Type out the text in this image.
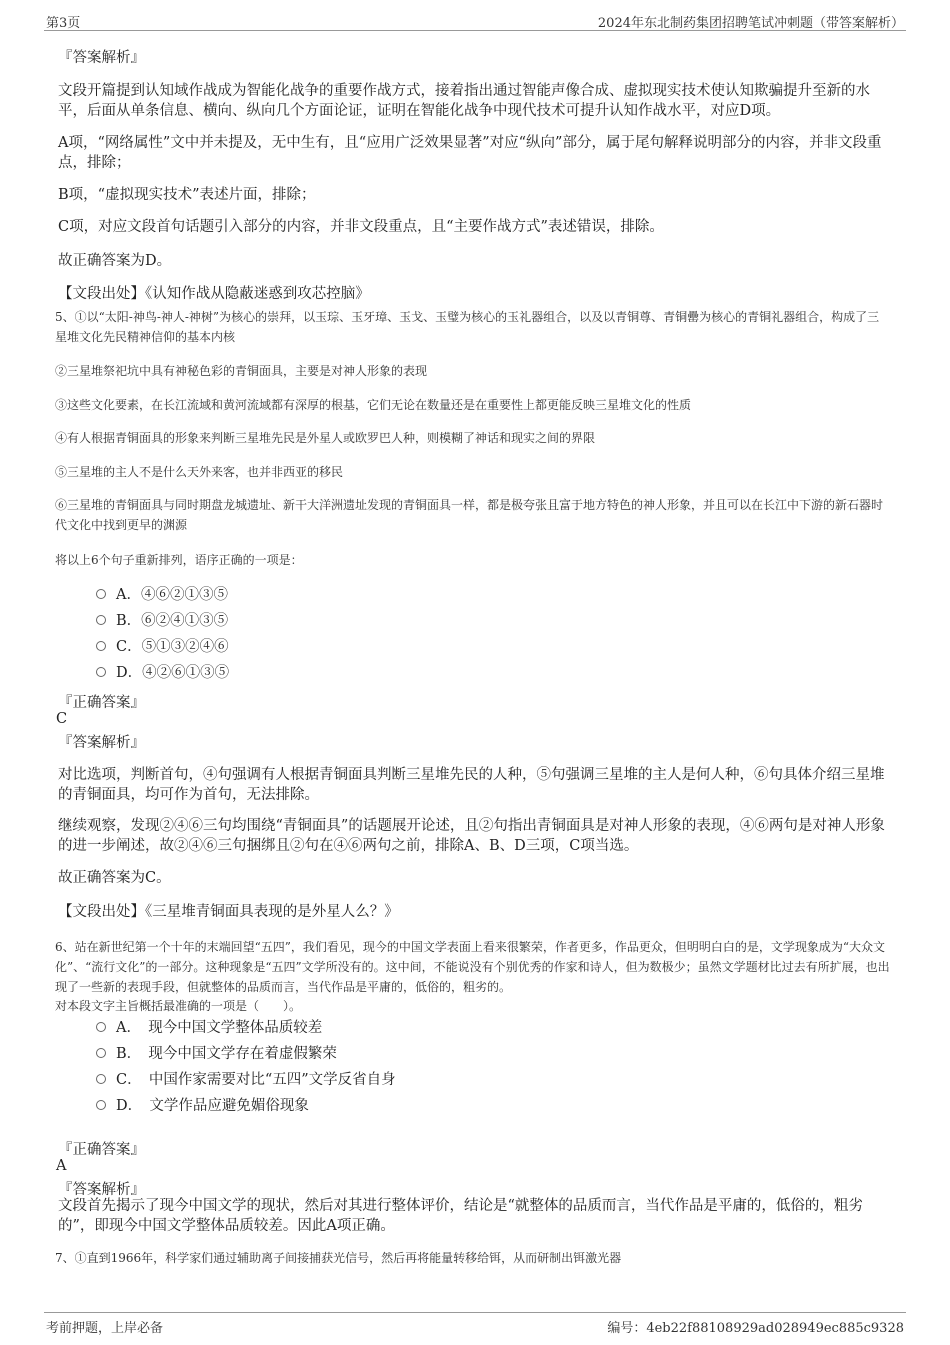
第3页	2024年东北制药集团招聘笔试冲刺题（带答案解析）
『答案解析』
文段开篇提到认知域作战成为智能化战争的重要作战方式，接着指出通过智能声像合成、虚拟现实技术使认知欺骗提升至新的水平，后面从单条信息、横向、纵向几个方面论证，证明在智能化战争中现代技术可提升认知作战水平，对应D项。
A项，“网络属性”文中并未提及，无中生有，且“应用广泛效果显著”对应“纵向”部分，属于尾句解释说明部分的内容，并非文段重点，排除；
B项，“虚拟现实技术”表述片面，排除；
C项，对应文段首句话题引入部分的内容，并非文段重点，且“主要作战方式”表述错误，排除。
故正确答案为D。
【文段出处】《认知作战从隐蔽迷惑到攻芯控脑》
5、①以“太阳-神鸟-神人-神树”为核心的崇拜，以玉琮、玉牙璋、玉戈、玉璧为核心的玉礼器组合，以及以青铜尊、青铜罍为核心的青铜礼器组合，构成了三星堆文化先民精神信仰的基本内核
②三星堆祭祀坑中具有神秘色彩的青铜面具，主要是对神人形象的表现
③这些文化要素，在长江流域和黄河流域都有深厚的根基，它们无论在数量还是在重要性上都更能反映三星堆文化的性质
④有人根据青铜面具的形象来判断三星堆先民是外星人或欧罗巴人种，则模糊了神话和现实之间的界限
⑤三星堆的主人不是什么天外来客，也并非西亚的移民
⑥三星堆的青铜面具与同时期盘龙城遗址、新干大洋洲遗址发现的青铜面具一样，都是极夸张且富于地方特色的神人形象，并且可以在长江中下游的新石器时代文化中找到更早的渊源
将以上6个句子重新排列，语序正确的一项是：
A．④⑥②①③⑤
B．⑥②④①③⑤
C．⑤①③②④⑥
D．④②⑥①③⑤
『正确答案』
C
『答案解析』
对比选项，判断首句，④句强调有人根据青铜面具判断三星堆先民的人种，⑤句强调三星堆的主人是何人种，⑥句具体介绍三星堆的青铜面具，均可作为首句，无法排除。
继续观察，发现②④⑥三句均围绕“青铜面具”的话题展开论述，且②句指出青铜面具是对神人形象的表现，④⑥两句是对神人形象的进一步阐述，故②④⑥三句捆绑且②句在④⑥两句之前，排除A、B、D三项，C项当选。
故正确答案为C。
【文段出处】《三星堆青铜面具表现的是外星人么？》
6、站在新世纪第一个十年的末端回望“五四”，我们看见，现今的中国文学表面上看来很繁荣，作者更多，作品更众，但明明白白的是，文学现象成为“大众文化”、“流行文化”的一部分。这种现象是“五四”文学所没有的。这中间，不能说没有个别优秀的作家和诗人，但为数极少；虽然文学题材比过去有所扩展，也出现了一些新的表现手段，但就整体的品质而言，当代作品是平庸的，低俗的，粗劣的。
对本段文字主旨概括最准确的一项是（　　）。
A．　现今中国文学整体品质较差
B．　现今中国文学存在着虚假繁荣
C．　中国作家需要对比“五四”文学反省自身
D．　文学作品应避免媚俗现象
『正确答案』
A
『答案解析』
文段首先揭示了现今中国文学的现状，然后对其进行整体评价，结论是“就整体的品质而言，当代作品是平庸的，低俗的，粗劣的”，即现今中国文学整体品质较差。因此A项正确。
7、①直到1966年，科学家们通过辅助离子间接捕获光信号，然后再将能量转移给铒，从而研制出铒激光器
考前押题，上岸必备	编号：4eb22f88108929ad028949ec885c9328
